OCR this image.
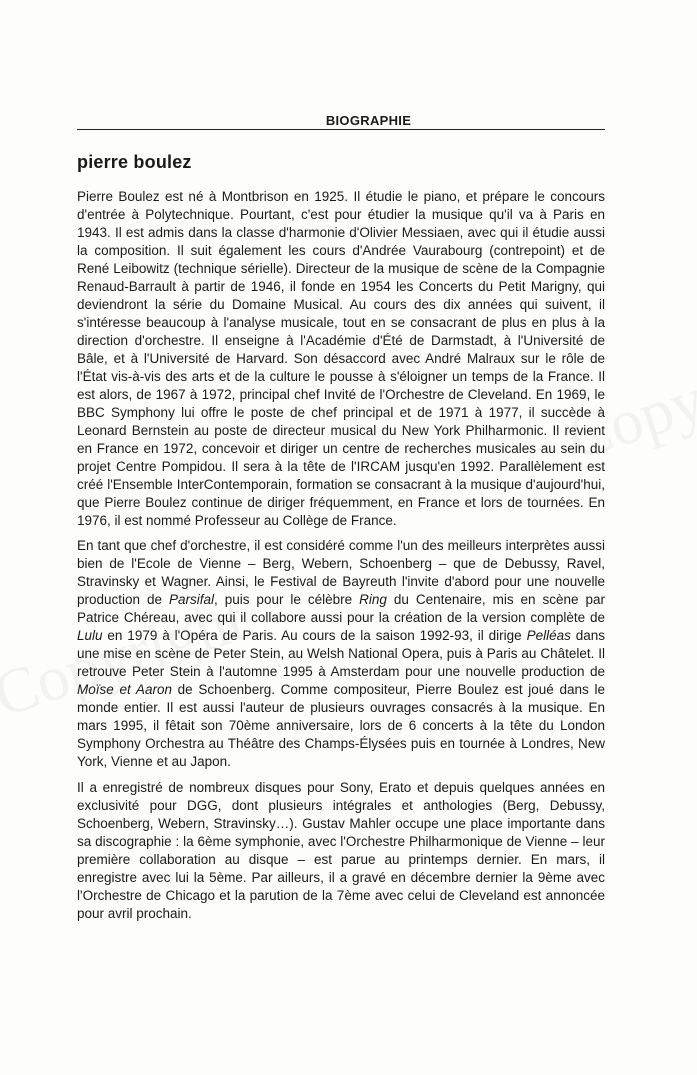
BIOGRAPHIE
pierre boulez

Pierre Boulez est né à Montbrison en 1925. Il étudie le piano, et prépare le concours d'entrée à Polytechnique. Pourtant, c'est pour étudier la musique qu'il va à Paris en 1943. Il est admis dans la classe d'harmonie d'Olivier Messiaen, avec qui il étudie aussi la composition. Il suit également les cours d'Andrée Vaurabourg (contrepoint) et de René Leibowitz (technique sérielle). Directeur de la musique de scène de la Compagnie Renaud-Barrault à partir de 1946, il fonde en 1954 les Concerts du Petit Marigny, qui deviendront la série du Domaine Musical. Au cours des dix années qui suivent, il s'intéresse beaucoup à l'analyse musicale, tout en se consacrant de plus en plus à la direction d'orchestre. Il enseigne à l'Académie d'Été de Darmstadt, à l'Université de Bâle, et à l'Université de Harvard. Son désaccord avec André Malraux sur le rôle de l'État vis-à-vis des arts et de la culture le pousse à s'éloigner un temps de la France. Il est alors, de 1967 à 1972, principal chef Invité de l'Orchestre de Cleveland. En 1969, le BBC Symphony lui offre le poste de chef principal et de 1971 à 1977, il succède à Leonard Bernstein au poste de directeur musical du New York Philharmonic. Il revient en France en 1972, concevoir et diriger un centre de recherches musicales au sein du projet Centre Pompidou. Il sera à la tête de l'IRCAM jusqu'en 1992. Parallèlement est créé l'Ensemble InterContemporain, formation se consacrant à la musique d'aujourd'hui, que Pierre Boulez continue de diriger fréquemment, en France et lors de tournées. En 1976, il est nommé Professeur au Collège de France.

En tant que chef d'orchestre, il est considéré comme l'un des meilleurs interprètes aussi bien de l'Ecole de Vienne – Berg, Webern, Schoenberg – que de Debussy, Ravel, Stravinsky et Wagner. Ainsi, le Festival de Bayreuth l'invite d'abord pour une nouvelle production de Parsifal, puis pour le célèbre Ring du Centenaire, mis en scène par Patrice Chéreau, avec qui il collabore aussi pour la création de la version complète de Lulu en 1979 à l'Opéra de Paris. Au cours de la saison 1992-93, il dirige Pelléas dans une mise en scène de Peter Stein, au Welsh National Opera, puis à Paris au Châtelet. Il retrouve Peter Stein à l'automne 1995 à Amsterdam pour une nouvelle production de Moïse et Aaron de Schoenberg. Comme compositeur, Pierre Boulez est joué dans le monde entier. Il est aussi l'auteur de plusieurs ouvrages consacrés à la musique. En mars 1995, il fêtait son 70ème anniversaire, lors de 6 concerts à la tête du London Symphony Orchestra au Théâtre des Champs-Élysées puis en tournée à Londres, New York, Vienne et au Japon.

Il a enregistré de nombreux disques pour Sony, Erato et depuis quelques années en exclusivité pour DGG, dont plusieurs intégrales et anthologies (Berg, Debussy, Schoenberg, Webern, Stravinsky…). Gustav Mahler occupe une place importante dans sa discographie : la 6ème symphonie, avec l'Orchestre Philharmonique de Vienne – leur première collaboration au disque – est parue au printemps dernier. En mars, il enregistre avec lui la 5ème. Par ailleurs, il a gravé en décembre dernier la 9ème avec l'Orchestre de Chicago et la parution de la 7ème avec celui de Cleveland est annoncée pour avril prochain.
